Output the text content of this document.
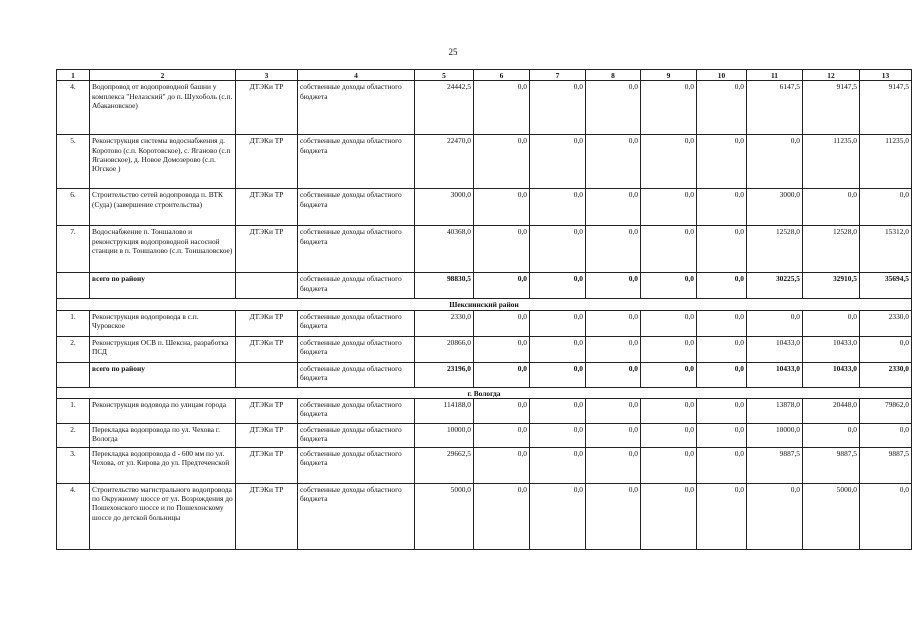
25
1	2	3	4	5	6	7	8	9	10	11	12	13
4.	Водопровод от водопроводной башни у комплекса "Нелазский" до п. Шухоболь (с.п. Абакановское)	ДТЭКи ТР	собственные доходы областного бюджета	24442,5	0,0	0,0	0,0	0,0	0,0	6147,5	9147,5	9147,5
5.	Реконструкция системы водоснабжения д. Коротово (с.п. Коротовское), с. Яганово (с.п Ягановское), д. Новое Домозерово (с.п. Югское )	ДТЭКи ТР	собственные доходы областного бюджета	22470,0	0,0	0,0	0,0	0,0	0,0	0,0	11235,0	11235,0
6.	Строительство сетей водопровода п. ВТК (Суда) (завершение строительства)	ДТЭКи ТР	собственные доходы областного бюджета	3000,0	0,0	0,0	0,0	0,0	0,0	3000,0	0,0	0,0
7.	Водоснабжение п. Тоншалово и реконструкция водопроводной насосной станции в п. Тоншалово (с.п. Тоншаловское)	ДТЭКи ТР	собственные доходы областного бюджета	40368,0	0,0	0,0	0,0	0,0	0,0	12528,0	12528,0	15312,0
	всего по району		собственные доходы областного бюджета	98830,5	0,0	0,0	0,0	0,0	0,0	30225,5	32910,5	35694,5
Шекснинский район												
1.	Реконструкция водопровода в с.п. Чуровское	ДТЭКи ТР	собственные доходы областного бюджета	2330,0	0,0	0,0	0,0	0,0	0,0	0,0	0,0	2330,0
2.	Реконструкция ОСВ п. Шексна, разработка ПСД	ДТЭКи ТР	собственные доходы областного бюджета	20866,0	0,0	0,0	0,0	0,0	0,0	10433,0	10433,0	0,0
	всего по району		собственные доходы областного бюджета	23196,0	0,0	0,0	0,0	0,0	0,0	10433,0	10433,0	2330,0
г. Вологда												
1.	Реконструкция водовода по улицам города	ДТЭКи ТР	собственные доходы областного бюджета	114188,0	0,0	0,0	0,0	0,0	0,0	13878,0	20448,0	79862,0
2.	Перекладка водопровода по ул. Чехова г. Вологда	ДТЭКи ТР	собственные доходы областного бюджета	10000,0	0,0	0,0	0,0	0,0	0,0	10000,0	0,0	0,0
3.	Перекладка водопровода d - 600 мм по ул. Чехова, от ул. Кирова до ул. Предтеченской	ДТЭКи ТР	собственные доходы областного бюджета	29662,5	0,0	0,0	0,0	0,0	0,0	9887,5	9887,5	9887,5
4.	Строительство магистрального водопровода по Окружному шоссе от ул. Возрождения до Пошехонского шоссе и по Пошехонскому шоссе до детской больницы	ДТЭКи ТР	собственные доходы областного бюджета	5000,0	0,0	0,0	0,0	0,0	0,0	0,0	5000,0	0,0
